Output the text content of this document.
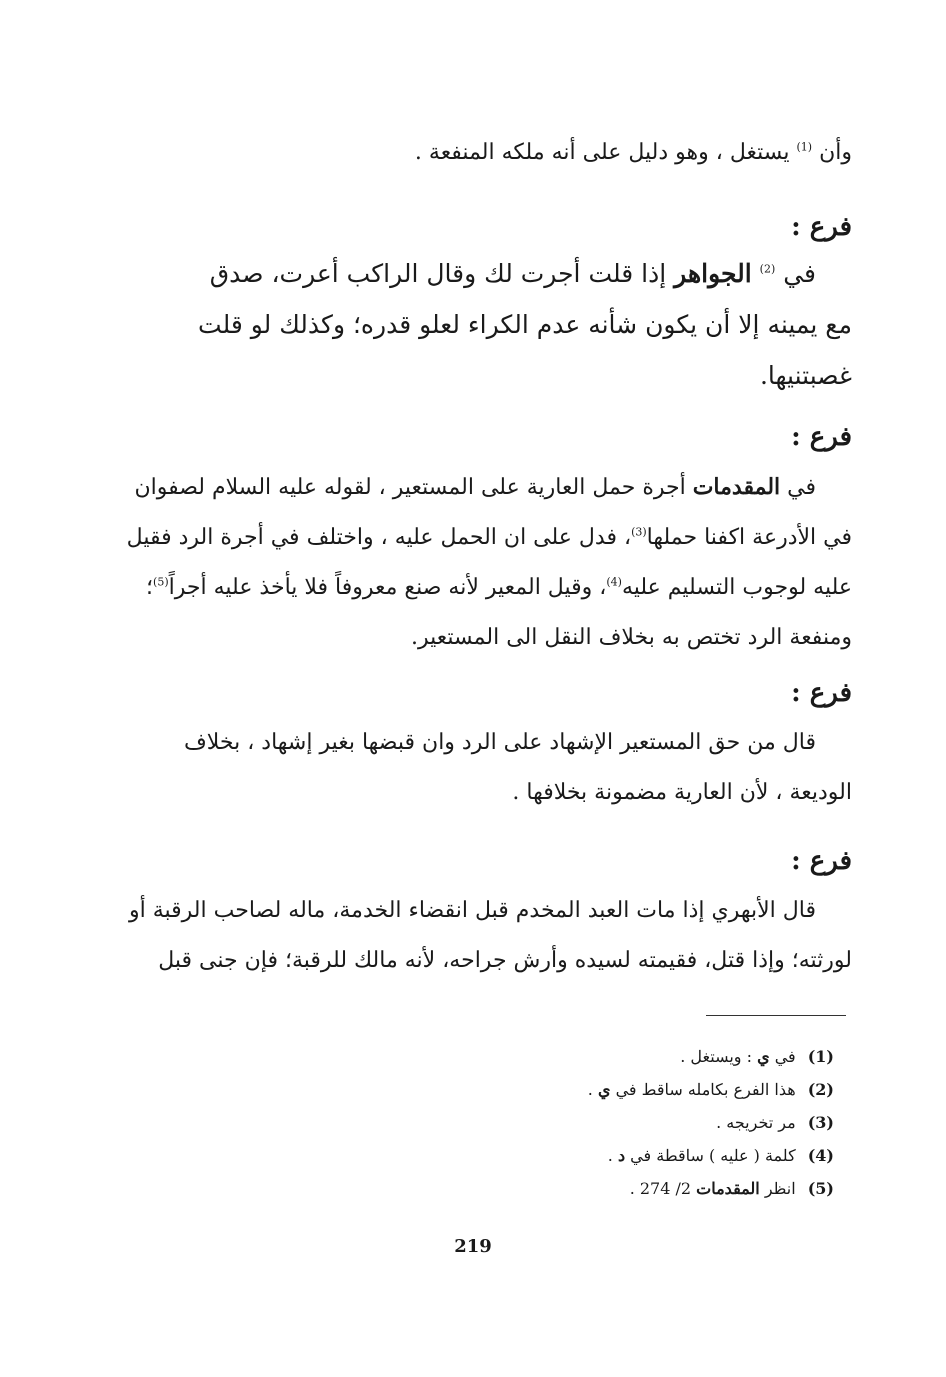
وأن $^{(1)}$ يستغل ، وهو دليل على أنه ملكه المنفعة .
فرع :
في $^{(2)}$ الجواهر إذا قلت أجرت لك وقال الراكب أعرت، صدق
مع يمينه إلا أن يكون شأنه عدم الكراء لعلو قدره؛ وكذلك لو قلت
غصبتنيها.
فرع :
في المقدمات أجرة حمل العارية على المستعير ، لقوله عليه السلام لصفوان
في الأدرعة اكفنا حملها$^{(3)}$، فدل على ان الحمل عليه ، واختلف في أجرة الرد فقيل
عليه لوجوب التسليم عليه$^{(4)}$، وقيل المعير لأنه صنع معروفاً فلا يأخذ عليه أجراً$^{(5)}$؛
ومنفعة الرد تختص به بخلاف النقل الى المستعير.
فرع :
قال من حق المستعير الإشهاد على الرد وان قبضها بغير إشهاد ، بخلاف
الوديعة ، لأن العارية مضمونة بخلافها .
فرع :
قال الأبهري إذا مات العبد المخدم قبل انقضاء الخدمة، ماله لصاحب الرقبة أو
لورثته؛ وإذا قتل، فقيمته لسيده وأرش جراحه، لأنه مالك للرقبة؛ فإن جنى قبل
(1)
في ي : ويستغل .
(2)
هذا الفرع بكامله ساقط في ي .
(3)
مر تخريجه .
(4)
كلمة ( عليه ) ساقطة في د .
(5)
انظر المقدمات 2/ 274 .
219
